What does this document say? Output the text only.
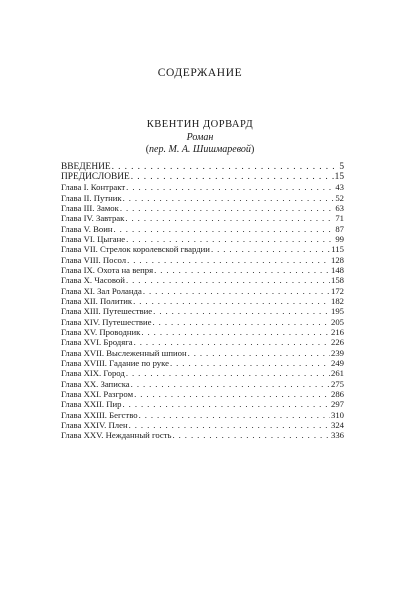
СОДЕРЖАНИЕ
КВЕНТИН ДОРВАРД
Роман
(пер. М. А. Шишмаревой)
ВВЕДЕНИЕ . . .	5
ПРЕДИСЛОВИЕ . . .	15
Глава I. Контракт . . .	43
Глава II. Путник . . .	52
Глава III. Замок . . .	63
Глава IV. Завтрак . . .	71
Глава V. Воин . . .	87
Глава VI. Цыгане . . .	99
Глава VII. Стрелок королевской гвардии . . .	115
Глава VIII. Посол . . .	128
Глава IX. Охота на вепря . . .	148
Глава X. Часовой . . .	158
Глава XI. Зал Роланда . . .	172
Глава XII. Политик . . .	182
Глава XIII. Путешествие . . .	195
Глава XIV. Путешествие . . .	205
Глава XV. Проводник . . .	216
Глава XVI. Бродяга . . .	226
Глава XVII. Выслеженный шпион . . .	239
Глава XVIII. Гадание по руке . . .	249
Глава XIX. Город . . .	261
Глава XX. Записка . . .	275
Глава XXI. Разгром . . .	286
Глава XXII. Пир . . .	297
Глава XXIII. Бегство . . .	310
Глава XXIV. Плен . . .	324
Глава XXV. Нежданный гость . . .	336
